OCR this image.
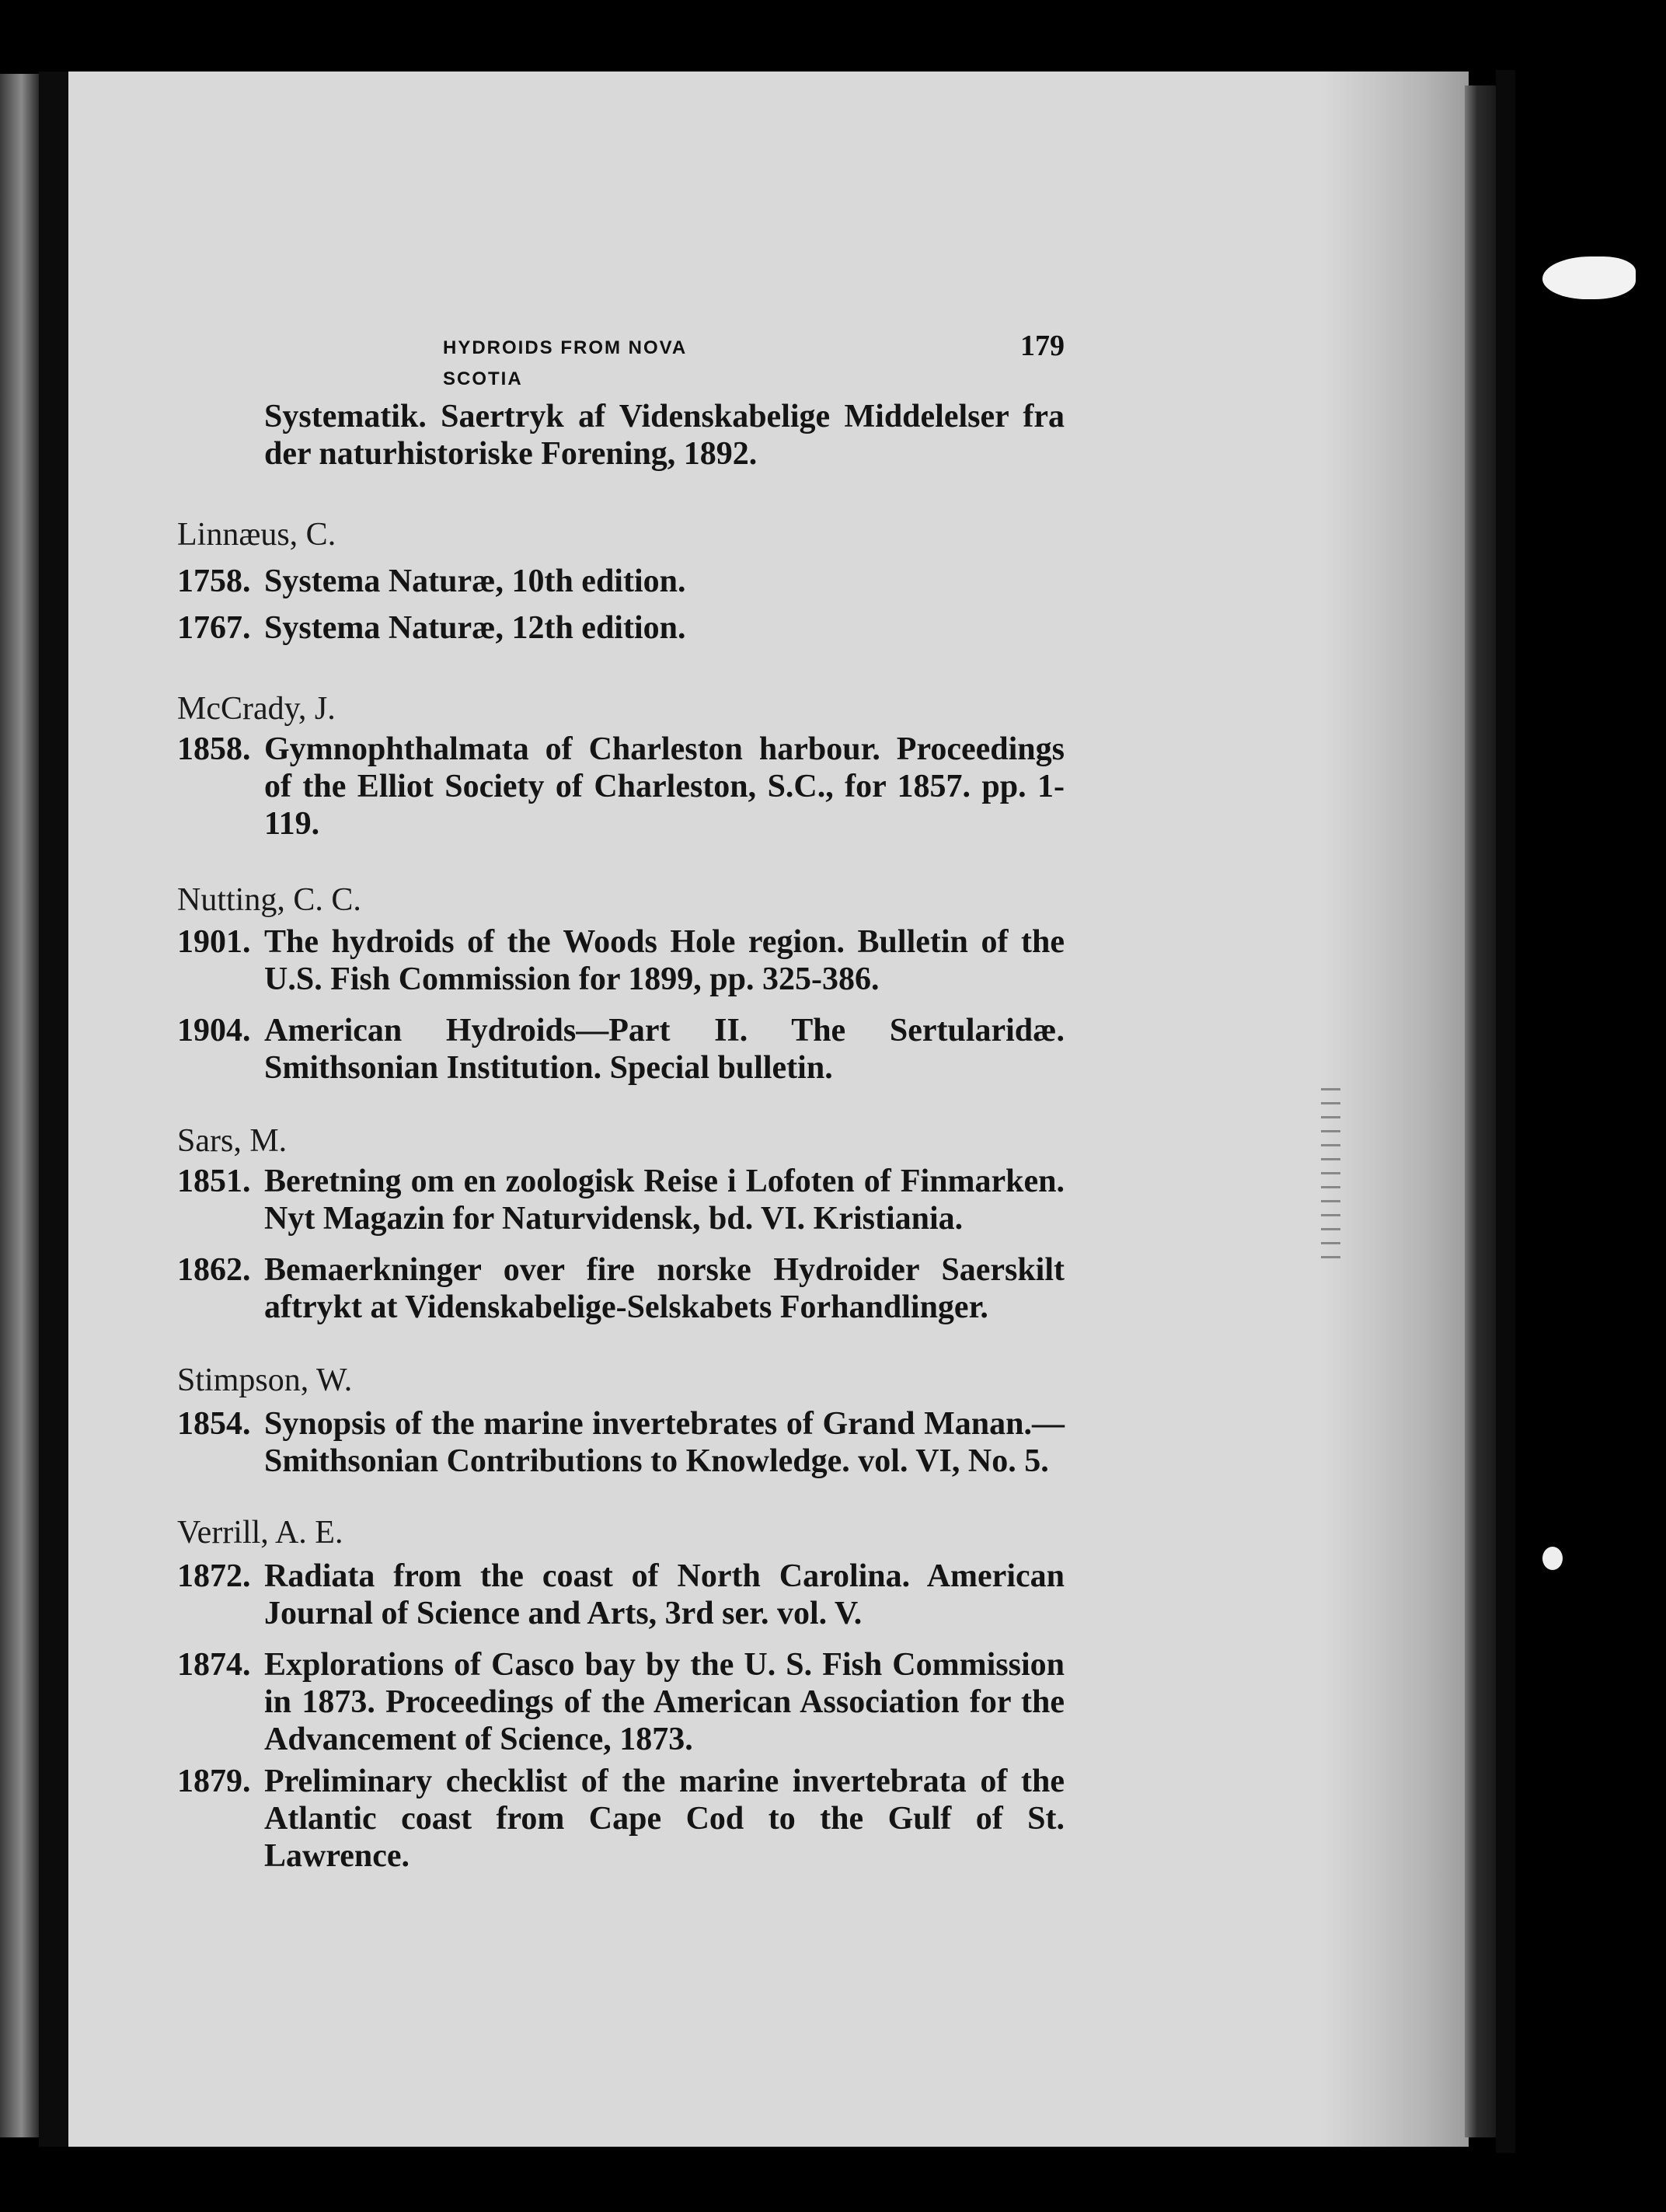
HYDROIDS FROM NOVA SCOTIA
179
Systematik. Saertryk af Videnskabelige Middelelser fra der naturhistoriske Forening, 1892.
Linnæus, C.
1758. Systema Naturæ, 10th edition.
1767. Systema Naturæ, 12th edition.
McCrady, J.
1858. Gymnophthalmata of Charleston harbour. Proceedings of the Elliot Society of Charleston, S.C., for 1857. pp. 1-119.
Nutting, C. C.
1901. The hydroids of the Woods Hole region. Bulletin of the U.S. Fish Commission for 1899, pp. 325-386.
1904. American Hydroids—Part II. The Sertularidæ. Smithsonian Institution. Special bulletin.
Sars, M.
1851. Beretning om en zoologisk Reise i Lofoten of Finmarken. Nyt Magazin for Naturvidensk, bd. VI. Kristiania.
1862. Bemaerkninger over fire norske Hydroider Saerskilt aftrykt at Videnskabelige-Selskabets Forhandlinger.
Stimpson, W.
1854. Synopsis of the marine invertebrates of Grand Manan.— Smithsonian Contributions to Knowledge. vol. VI, No. 5.
Verrill, A. E.
1872. Radiata from the coast of North Carolina. American Journal of Science and Arts, 3rd ser. vol. V.
1874. Explorations of Casco bay by the U. S. Fish Commission in 1873. Proceedings of the American Association for the Advancement of Science, 1873.
1879. Preliminary checklist of the marine invertebrata of the Atlantic coast from Cape Cod to the Gulf of St. Lawrence.
